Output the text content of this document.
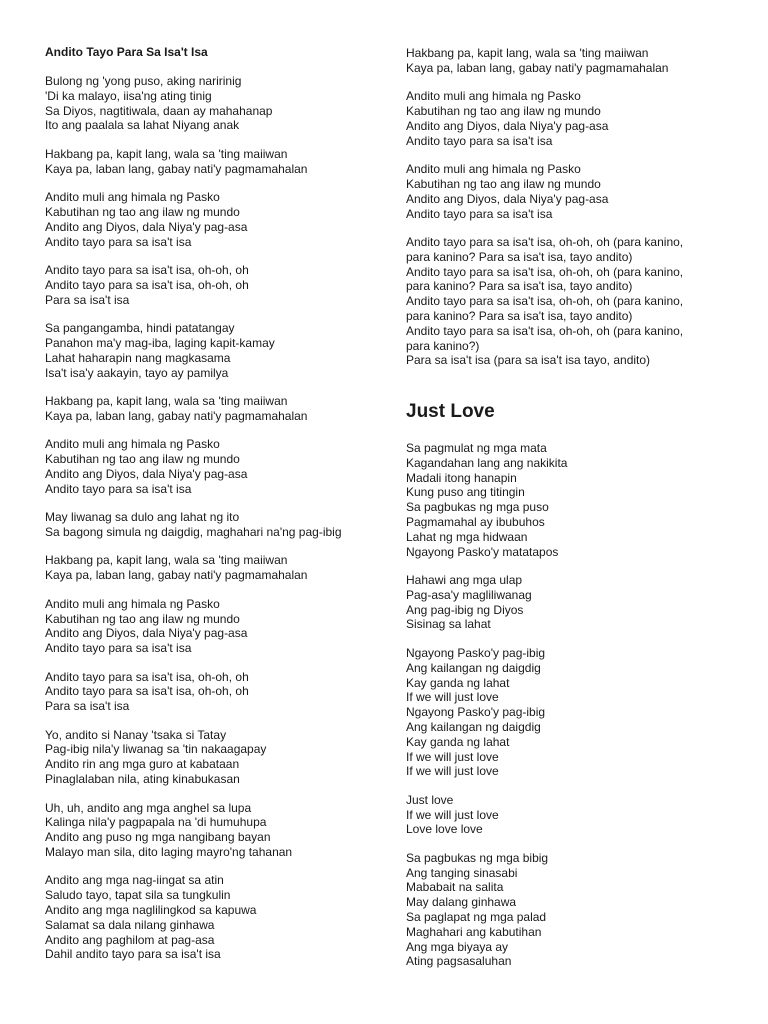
Andito Tayo Para Sa Isa't Isa
Bulong ng 'yong puso, aking naririnig
'Di ka malayo, iisa'ng ating tinig
Sa Diyos, nagtitiwala, daan ay mahahanap
Ito ang paalala sa lahat Niyang anak
Hakbang pa, kapit lang, wala sa 'ting maiiwan
Kaya pa, laban lang, gabay nati'y pagmamahalan
Andito muli ang himala ng Pasko
Kabutihan ng tao ang ilaw ng mundo
Andito ang Diyos, dala Niya'y pag-asa
Andito tayo para sa isa't isa
Andito tayo para sa isa't isa, oh-oh, oh
Andito tayo para sa isa't isa, oh-oh, oh
Para sa isa't isa
Sa pangangamba, hindi patatangay
Panahon ma'y mag-iba, laging kapit-kamay
Lahat haharapin nang magkasama
Isa't isa'y aakayin, tayo ay pamilya
Hakbang pa, kapit lang, wala sa 'ting maiiwan
Kaya pa, laban lang, gabay nati'y pagmamahalan
Andito muli ang himala ng Pasko
Kabutihan ng tao ang ilaw ng mundo
Andito ang Diyos, dala Niya'y pag-asa
Andito tayo para sa isa't isa
May liwanag sa dulo ang lahat ng ito
Sa bagong simula ng daigdig, maghahari na'ng pag-ibig
Hakbang pa, kapit lang, wala sa 'ting maiiwan
Kaya pa, laban lang, gabay nati'y pagmamahalan
Andito muli ang himala ng Pasko
Kabutihan ng tao ang ilaw ng mundo
Andito ang Diyos, dala Niya'y pag-asa
Andito tayo para sa isa't isa
Andito tayo para sa isa't isa, oh-oh, oh
Andito tayo para sa isa't isa, oh-oh, oh
Para sa isa't isa
Yo, andito si Nanay 'tsaka si Tatay
Pag-ibig nila'y liwanag sa 'tin nakaagapay
Andito rin ang mga guro at kabataan
Pinaglalaban nila, ating kinabukasan
Uh, uh, andito ang mga anghel sa lupa
Kalinga nila'y pagpapala na 'di humuhupa
Andito ang puso ng mga nangibang bayan
Malayo man sila, dito laging mayro'ng tahanan
Andito ang mga nag-iingat sa atin
Saludo tayo, tapat sila sa tungkulin
Andito ang mga naglilingkod sa kapuwa
Salamat sa dala nilang ginhawa
Andito ang paghilom at pag-asa
Dahil andito tayo para sa isa't isa
Hakbang pa, kapit lang, wala sa 'ting maiiwan
Kaya pa, laban lang, gabay nati'y pagmamahalan
Andito muli ang himala ng Pasko
Kabutihan ng tao ang ilaw ng mundo
Andito ang Diyos, dala Niya'y pag-asa
Andito tayo para sa isa't isa
Andito muli ang himala ng Pasko
Kabutihan ng tao ang ilaw ng mundo
Andito ang Diyos, dala Niya'y pag-asa
Andito tayo para sa isa't isa
Andito tayo para sa isa't isa, oh-oh, oh (para kanino,
para kanino? Para sa isa't isa, tayo andito)
Andito tayo para sa isa't isa, oh-oh, oh (para kanino,
para kanino? Para sa isa't isa, tayo andito)
Andito tayo para sa isa't isa, oh-oh, oh (para kanino,
para kanino? Para sa isa't isa, tayo andito)
Andito tayo para sa isa't isa, oh-oh, oh (para kanino,
para kanino?)
Para sa isa't isa (para sa isa't isa tayo, andito)
Just Love
Sa pagmulat ng mga mata
Kagandahan lang ang nakikita
Madali itong hanapin
Kung puso ang titingin
Sa pagbukas ng mga puso
Pagmamahal ay ibubuhos
Lahat ng mga hidwaan
Ngayong Pasko'y matatapos
Hahawi ang mga ulap
Pag-asa'y magliliwanag
Ang pag-ibig ng Diyos
Sisinag sa lahat
Ngayong Pasko'y pag-ibig
Ang kailangan ng daigdig
Kay ganda ng lahat
If we will just love
Ngayong Pasko'y pag-ibig
Ang kailangan ng daigdig
Kay ganda ng lahat
If we will just love
If we will just love
Just love
If we will just love
Love love love
Sa pagbukas ng mga bibig
Ang tanging sinasabi
Mababait na salita
May dalang ginhawa
Sa paglapat ng mga palad
Maghahari ang kabutihan
Ang mga biyaya ay
Ating pagsasaluhan
